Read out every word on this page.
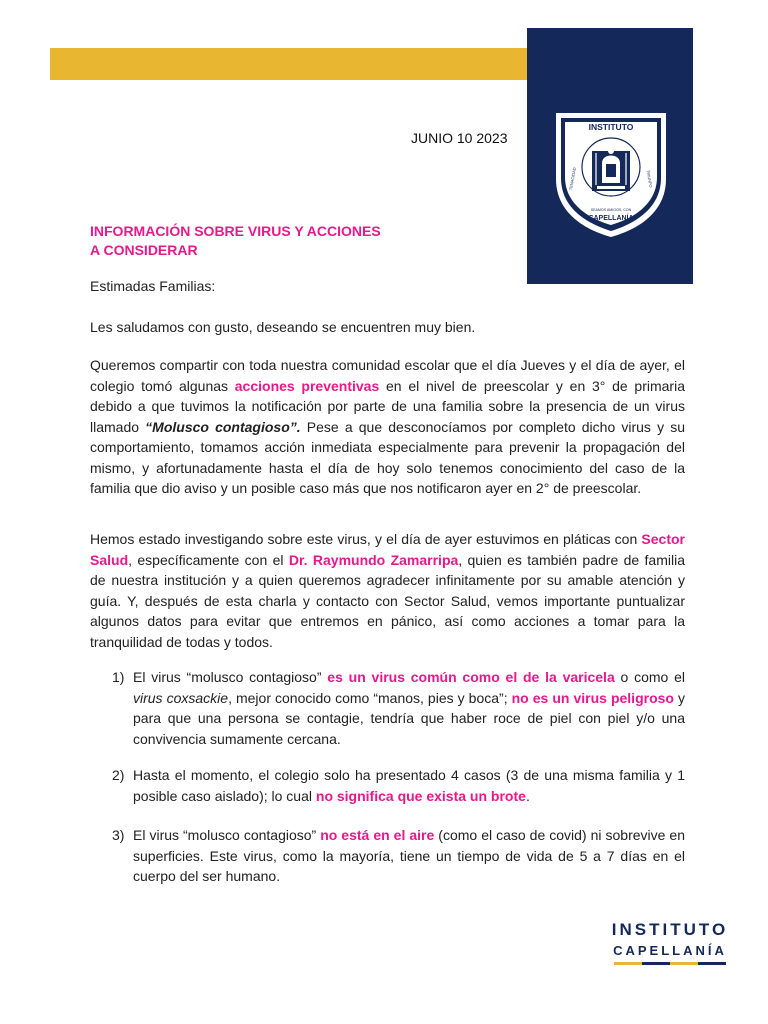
INSTITUTO
CAPELLANÍA
SEAMOS AMIGOS, CON
TENACIDAD	TRIUNFO
JUNIO 10 2023
INFORMACIÓN SOBRE VIRUS Y ACCIONES
A CONSIDERAR
Estimadas Familias:
Les saludamos con gusto, deseando se encuentren muy bien.
Queremos compartir con toda nuestra comunidad escolar que el día Jueves y el día de ayer, el colegio tomó algunas acciones preventivas en el nivel de preescolar y en 3° de primaria debido a que tuvimos la notificación por parte de una familia sobre la presencia de un virus llamado “Molusco contagioso”. Pese a que desconocíamos por completo dicho virus y su comportamiento, tomamos acción inmediata especialmente para prevenir la propagación del mismo, y afortunadamente hasta el día de hoy solo tenemos conocimiento del caso de la familia que dio aviso y un posible caso más que nos notificaron ayer en 2° de preescolar.
Hemos estado investigando sobre este virus, y el día de ayer estuvimos en pláticas con Sector Salud, específicamente con el Dr. Raymundo Zamarripa, quien es también padre de familia de nuestra institución y a quien queremos agradecer infinitamente por su amable atención y guía. Y, después de esta charla y contacto con Sector Salud, vemos importante puntualizar algunos datos para evitar que entremos en pánico, así como acciones a tomar para la tranquilidad de todas y todos.
1) El virus “molusco contagioso” es un virus común como el de la varicela o como el virus coxsackie, mejor conocido como “manos, pies y boca”; no es un virus peligroso y para que una persona se contagie, tendría que haber roce de piel con piel y/o una convivencia sumamente cercana.
2) Hasta el momento, el colegio solo ha presentado 4 casos (3 de una misma familia y 1 posible caso aislado); lo cual no significa que exista un brote.
3) El virus “molusco contagioso” no está en el aire (como el caso de covid) ni sobrevive en superficies. Este virus, como la mayoría, tiene un tiempo de vida de 5 a 7 días en el cuerpo del ser humano.
INSTITUTO
CAPELLANÍA
